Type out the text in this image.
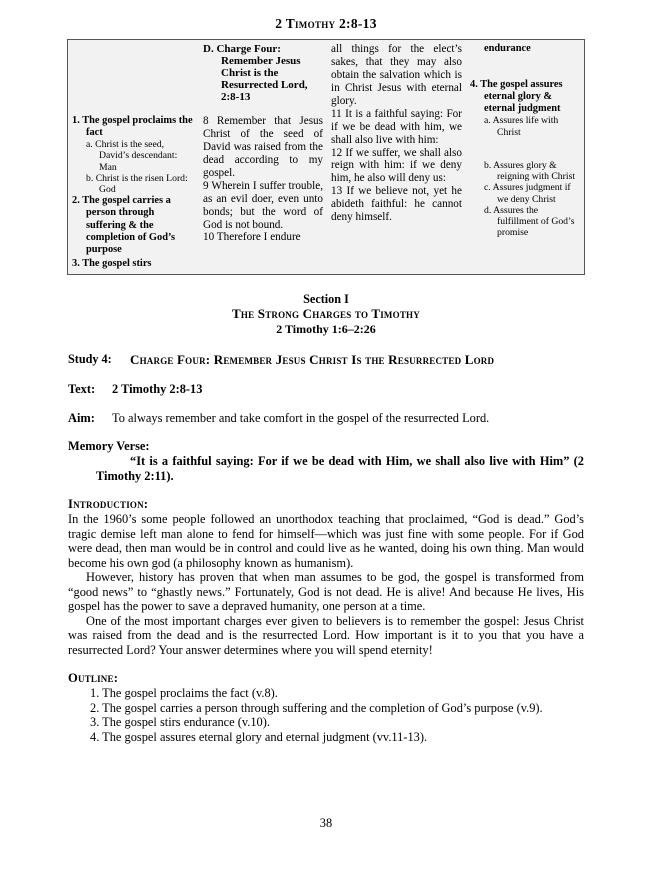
2 Timothy 2:8-13
1. The gospel proclaims the fact
a. Christ is the seed, David’s descendant: Man
b. Christ is the risen Lord: God
2. The gospel carries a person through suffering & the completion of God’s purpose
3. The gospel stirs

D. Charge Four: Remember Jesus Christ is the Resurrected Lord, 2:8-13

8 Remember that Jesus Christ of the seed of David was raised from the dead according to my gospel.

9 Wherein I suffer trouble, as an evil doer, even unto bonds; but the word of God is not bound.

10 Therefore I endure

all things for the elect’s sakes, that they may also obtain the salvation which is in Christ Jesus with eternal glory.

11 It is a faithful saying: For if we be dead with him, we shall also live with him:

12 If we suffer, we shall also reign with him: if we deny him, he also will deny us:

13 If we believe not, yet he abideth faithful: he cannot deny himself.

endurance
4. The gospel assures eternal glory & eternal judgment
a. Assures life with Christ
b. Assures glory & reigning with Christ
c. Assures judgment if we deny Christ
d. Assures the fulfillment of God’s promise
Section I
The Strong Charges to Timothy
2 Timothy 1:6–2:26
Study 4:	Charge Four: Remember Jesus Christ Is the Resurrected Lord
Text:	2 Timothy 2:8-13
Aim:	To always remember and take comfort in the gospel of the resurrected Lord.
Memory Verse:
“It is a faithful saying: For if we be dead with Him, we shall also live with Him” (2 Timothy 2:11).
Introduction:

In the 1960’s some people followed an unorthodox teaching that proclaimed, “God is dead.” God’s tragic demise left man alone to fend for himself—which was just fine with some people. For if God were dead, then man would be in control and could live as he wanted, doing his own thing. Man would become his own god (a philosophy known as humanism).

However, history has proven that when man assumes to be god, the gospel is transformed from “good news” to “ghastly news.” Fortunately, God is not dead. He is alive! And because He lives, His gospel has the power to save a depraved humanity, one person at a time.

One of the most important charges ever given to believers is to remember the gospel: Jesus Christ was raised from the dead and is the resurrected Lord. How important is it to you that you have a resurrected Lord? Your answer determines where you will spend eternity!

Outline:
1. The gospel proclaims the fact (v.8).
2. The gospel carries a person through suffering and the completion of God’s purpose (v.9).
3. The gospel stirs endurance (v.10).
4. The gospel assures eternal glory and eternal judgment (vv.11-13).
38
